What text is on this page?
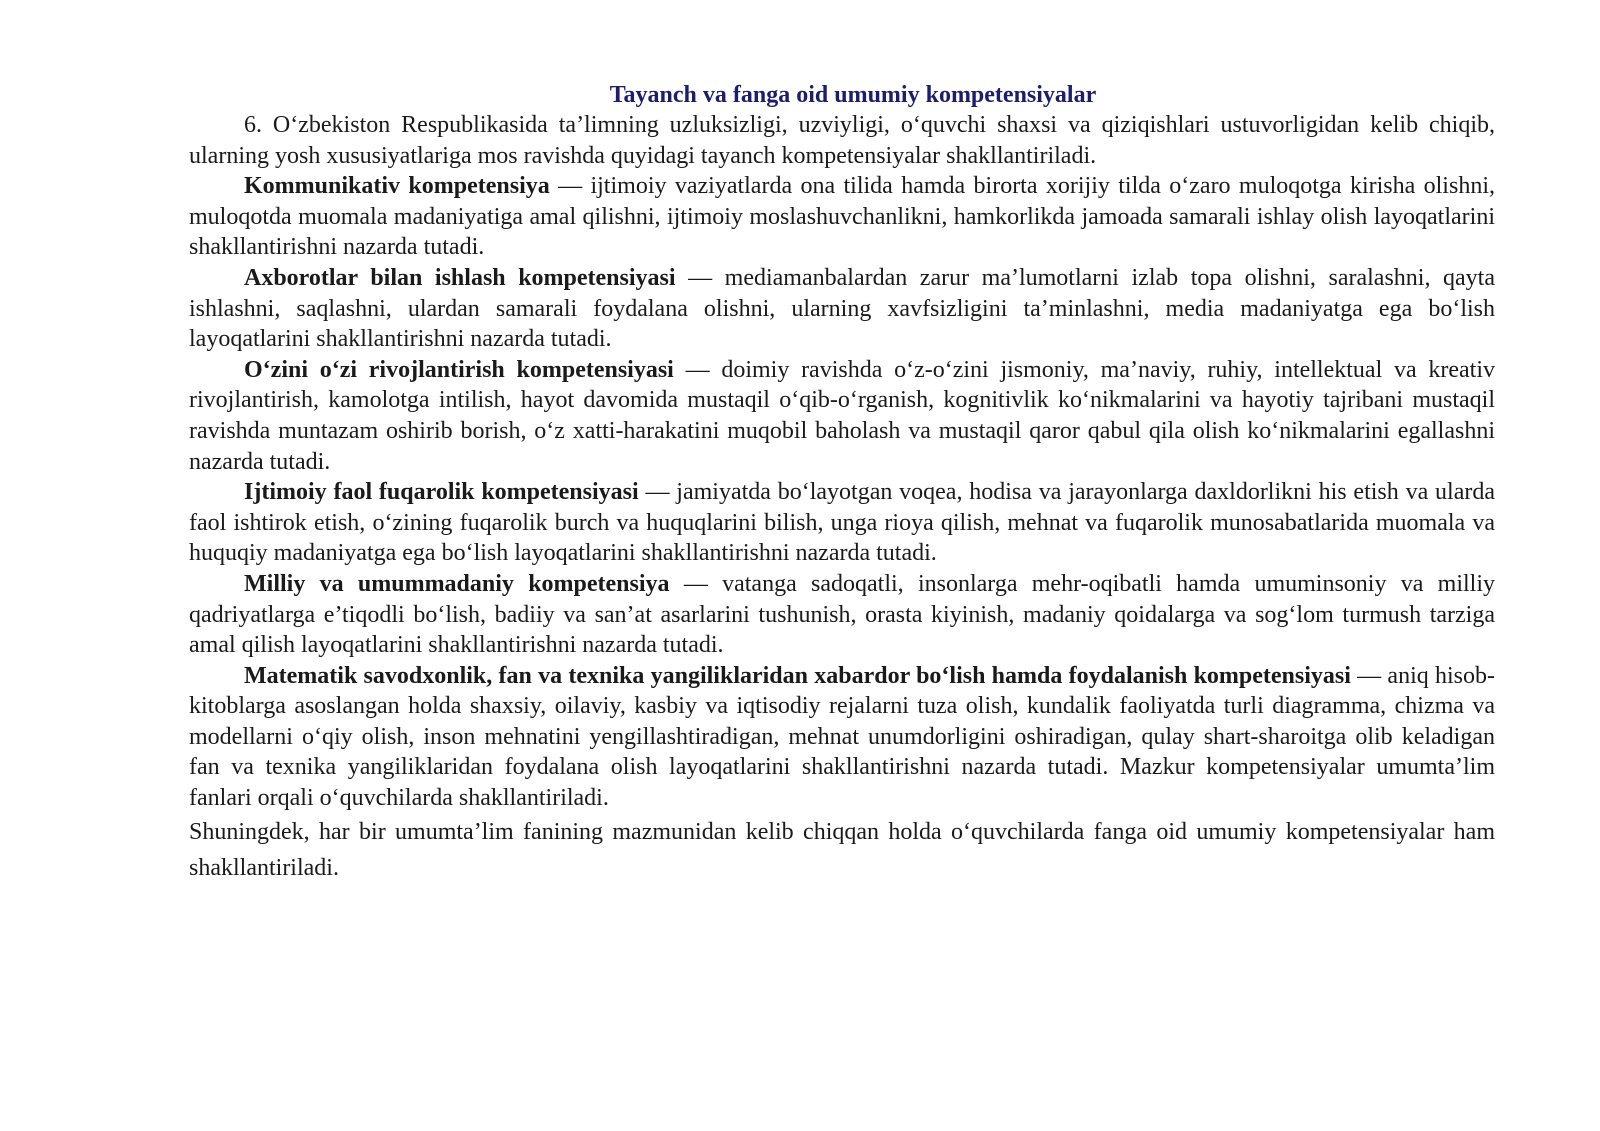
Tayanch va fanga oid umumiy kompetensiyalar

6. O‘zbekiston Respublikasida ta’limning uzluksizligi, uzviyligi, o‘quvchi shaxsi va qiziqishlari ustuvorligidan kelib chiqib, ularning yosh xususiyatlariga mos ravishda quyidagi tayanch kompetensiyalar shakllantiriladi.

Kommunikativ kompetensiya — ijtimoiy vaziyatlarda ona tilida hamda birorta xorijiy tilda o‘zaro muloqotga kirisha olishni, muloqotda muomala madaniyatiga amal qilishni, ijtimoiy moslashuvchanlikni, hamkorlikda jamoada samarali ishlay olish layoqatlarini shakllantirishni nazarda tutadi.

Axborotlar bilan ishlash kompetensiyasi — mediamanbalardan zarur ma’lumotlarni izlab topa olishni, saralashni, qayta ishlashni, saqlashni, ulardan samarali foydalana olishni, ularning xavfsizligini ta’minlashni, media madaniyatga ega bo‘lish layoqatlarini shakllantirishni nazarda tutadi.

O‘zini o‘zi rivojlantirish kompetensiyasi — doimiy ravishda o‘z-o‘zini jismoniy, ma’naviy, ruhiy, intellektual va kreativ rivojlantirish, kamolotga intilish, hayot davomida mustaqil o‘qib-o‘rganish, kognitivlik ko‘nikmalarini va hayotiy tajribani mustaqil ravishda muntazam oshirib borish, o‘z xatti-harakatini muqobil baholash va mustaqil qaror qabul qila olish ko‘nikmalarini egallashni nazarda tutadi.

Ijtimoiy faol fuqarolik kompetensiyasi — jamiyatda bo‘layotgan voqea, hodisa va jarayonlarga daxldorlikni his etish va ularda faol ishtirok etish, o‘zining fuqarolik burch va huquqlarini bilish, unga rioya qilish, mehnat va fuqarolik munosabatlarida muomala va huquqiy madaniyatga ega bo‘lish layoqatlarini shakllantirishni nazarda tutadi.

Milliy va umummadaniy kompetensiya — vatanga sadoqatli, insonlarga mehr-oqibatli hamda umuminsoniy va milliy qadriyatlarga e’tiqodli bo‘lish, badiiy va san’at asarlarini tushunish, orasta kiyinish, madaniy qoidalarga va sog‘lom turmush tarziga amal qilish layoqatlarini shakllantirishni nazarda tutadi.

Matematik savodxonlik, fan va texnika yangiliklaridan xabardor bo‘lish hamda foydalanish kompetensiyasi — aniq hisob-kitoblarga asoslangan holda shaxsiy, oilaviy, kasbiy va iqtisodiy rejalarni tuza olish, kundalik faoliyatda turli diagramma, chizma va modellarni o‘qiy olish, inson mehnatini yengillashtiradigan, mehnat unumdorligini oshiradigan, qulay shart-sharoitga olib keladigan fan va texnika yangiliklaridan foydalana olish layoqatlarini shakllantirishni nazarda tutadi. Mazkur kompetensiyalar umumta’lim fanlari orqali o‘quvchilarda shakllantiriladi.

Shuningdek, har bir umumta’lim fanining mazmunidan kelib chiqqan holda o‘quvchilarda fanga oid umumiy kompetensiyalar ham shakllantiriladi.
